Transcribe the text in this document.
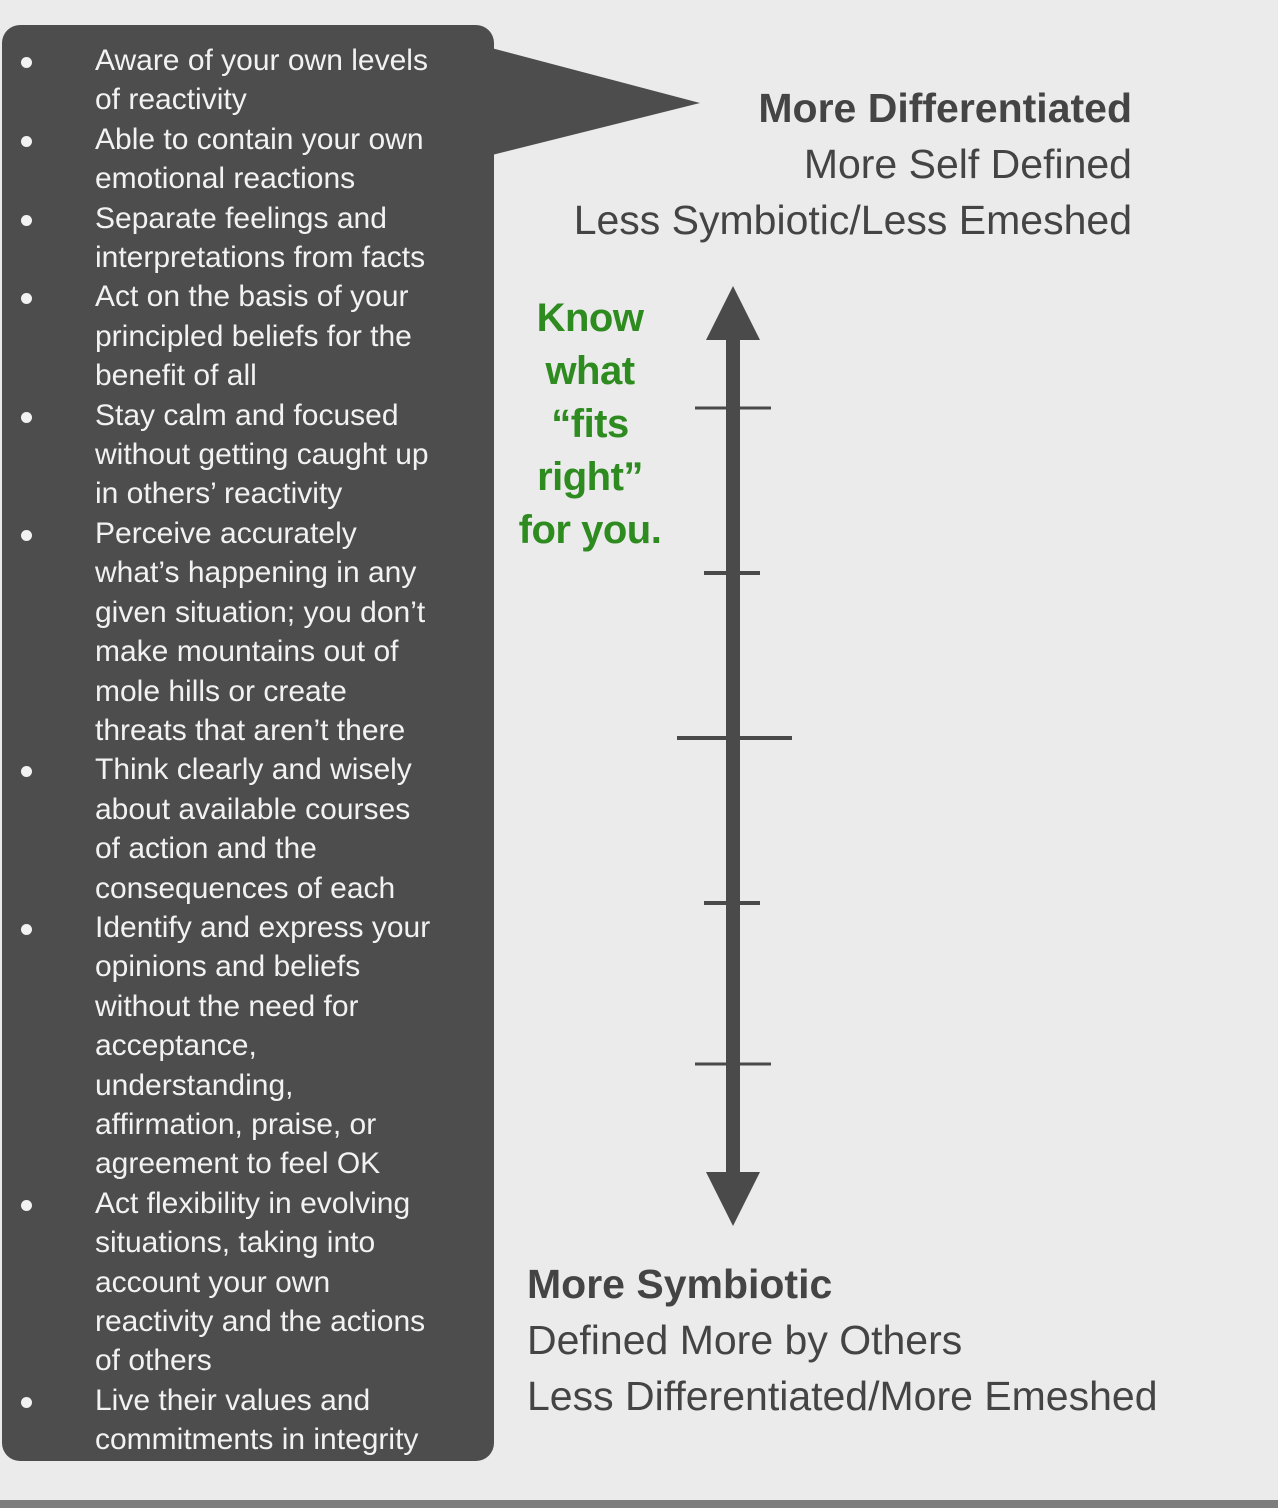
Aware of your own levels
of reactivity
Able to contain your own
emotional reactions
Separate feelings and
interpretations from facts
Act on the basis of your
principled beliefs for the
benefit of all
Stay calm and focused
without getting caught up
in others’ reactivity
Perceive accurately
what’s happening in any
given situation; you don’t
make mountains out of
mole hills or create
threats that aren’t there
Think clearly and wisely
about available courses
of action and the
consequences of each
Identify and express your
opinions and beliefs
without the need for
acceptance,
understanding,
affirmation, praise, or
agreement to feel OK
Act flexibility in evolving
situations, taking into
account your own
reactivity and the actions
of others
Live their values and
commitments in integrity
More Differentiated
More Self Defined
Less Symbiotic/Less Emeshed
Know
what
“fits
right”
for you.
More Symbiotic
Defined More by Others
Less Differentiated/More Emeshed
